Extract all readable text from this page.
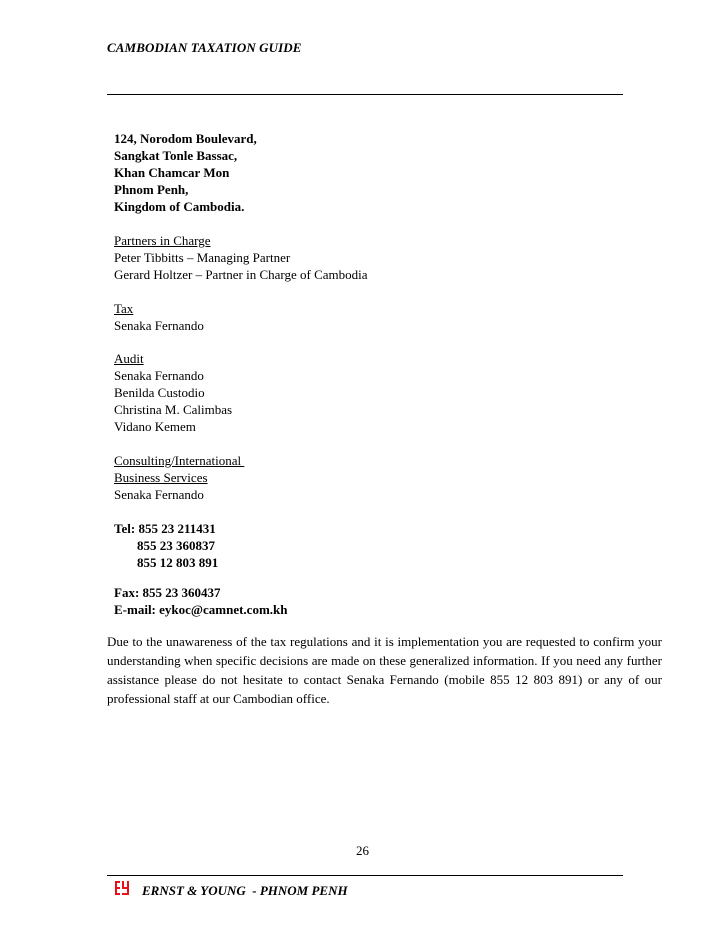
CAMBODIAN TAXATION GUIDE
124, Norodom Boulevard,
Sangkat Tonle Bassac,
Khan Chamcar Mon
Phnom Penh,
Kingdom of Cambodia.
Partners in Charge
Peter Tibbitts – Managing Partner
Gerard Holtzer – Partner in Charge of Cambodia
Tax
Senaka Fernando
Audit
Senaka Fernando
Benilda Custodio
Christina M. Calimbas
Vidano Kemem
Consulting/International
Business Services
Senaka Fernando
Tel: 855 23 211431
855 23 360837
855 12 803 891
Fax: 855 23 360437
E-mail: eykoc@camnet.com.kh
Due to the unawareness of the tax regulations and it is implementation you are requested to confirm your understanding when specific decisions are made on these generalized information. If you need any further assistance please do not hesitate to contact Senaka Fernando (mobile 855 12 803 891) or any of our professional staff at our Cambodian office.
26
ERNST & YOUNG  - PHNOM PENH
